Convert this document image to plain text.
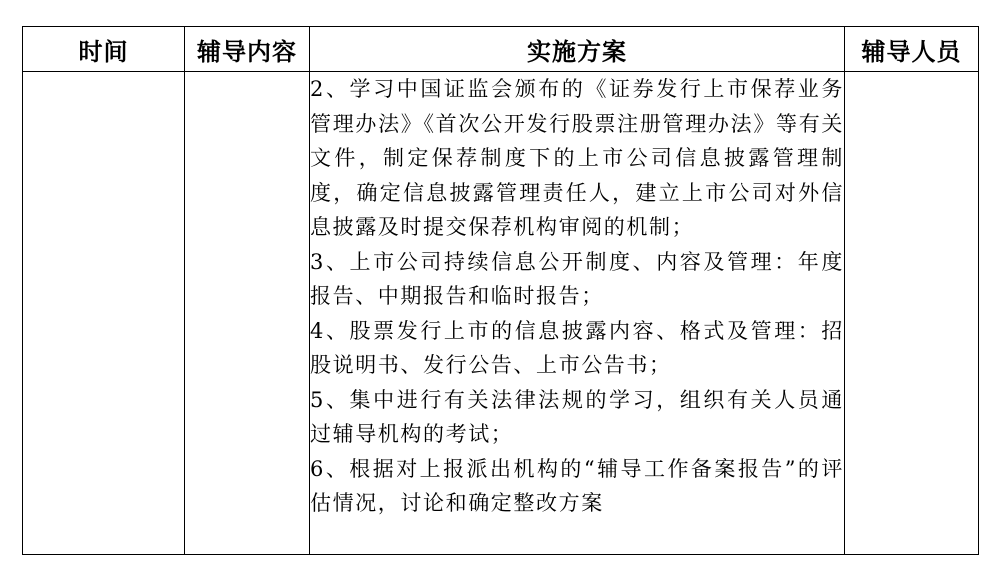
时间	辅导内容	实施方案	辅导人员

		2、学习中国证监会颁布的《证券发行上市保荐业务管理办法》《首次公开发行股票注册管理办法》等有关文件，制定保荐制度下的上市公司信息披露管理制度，确定信息披露管理责任人，建立上市公司对外信息披露及时提交保荐机构审阅的机制；
3、上市公司持续信息公开制度、内容及管理：年度报告、中期报告和临时报告；
4、股票发行上市的信息披露内容、格式及管理：招股说明书、发行公告、上市公告书；
5、集中进行有关法律法规的学习，组织有关人员通过辅导机构的考试；
6、根据对上报派出机构的“辅导工作备案报告”的评估情况，讨论和确定整改方案	
